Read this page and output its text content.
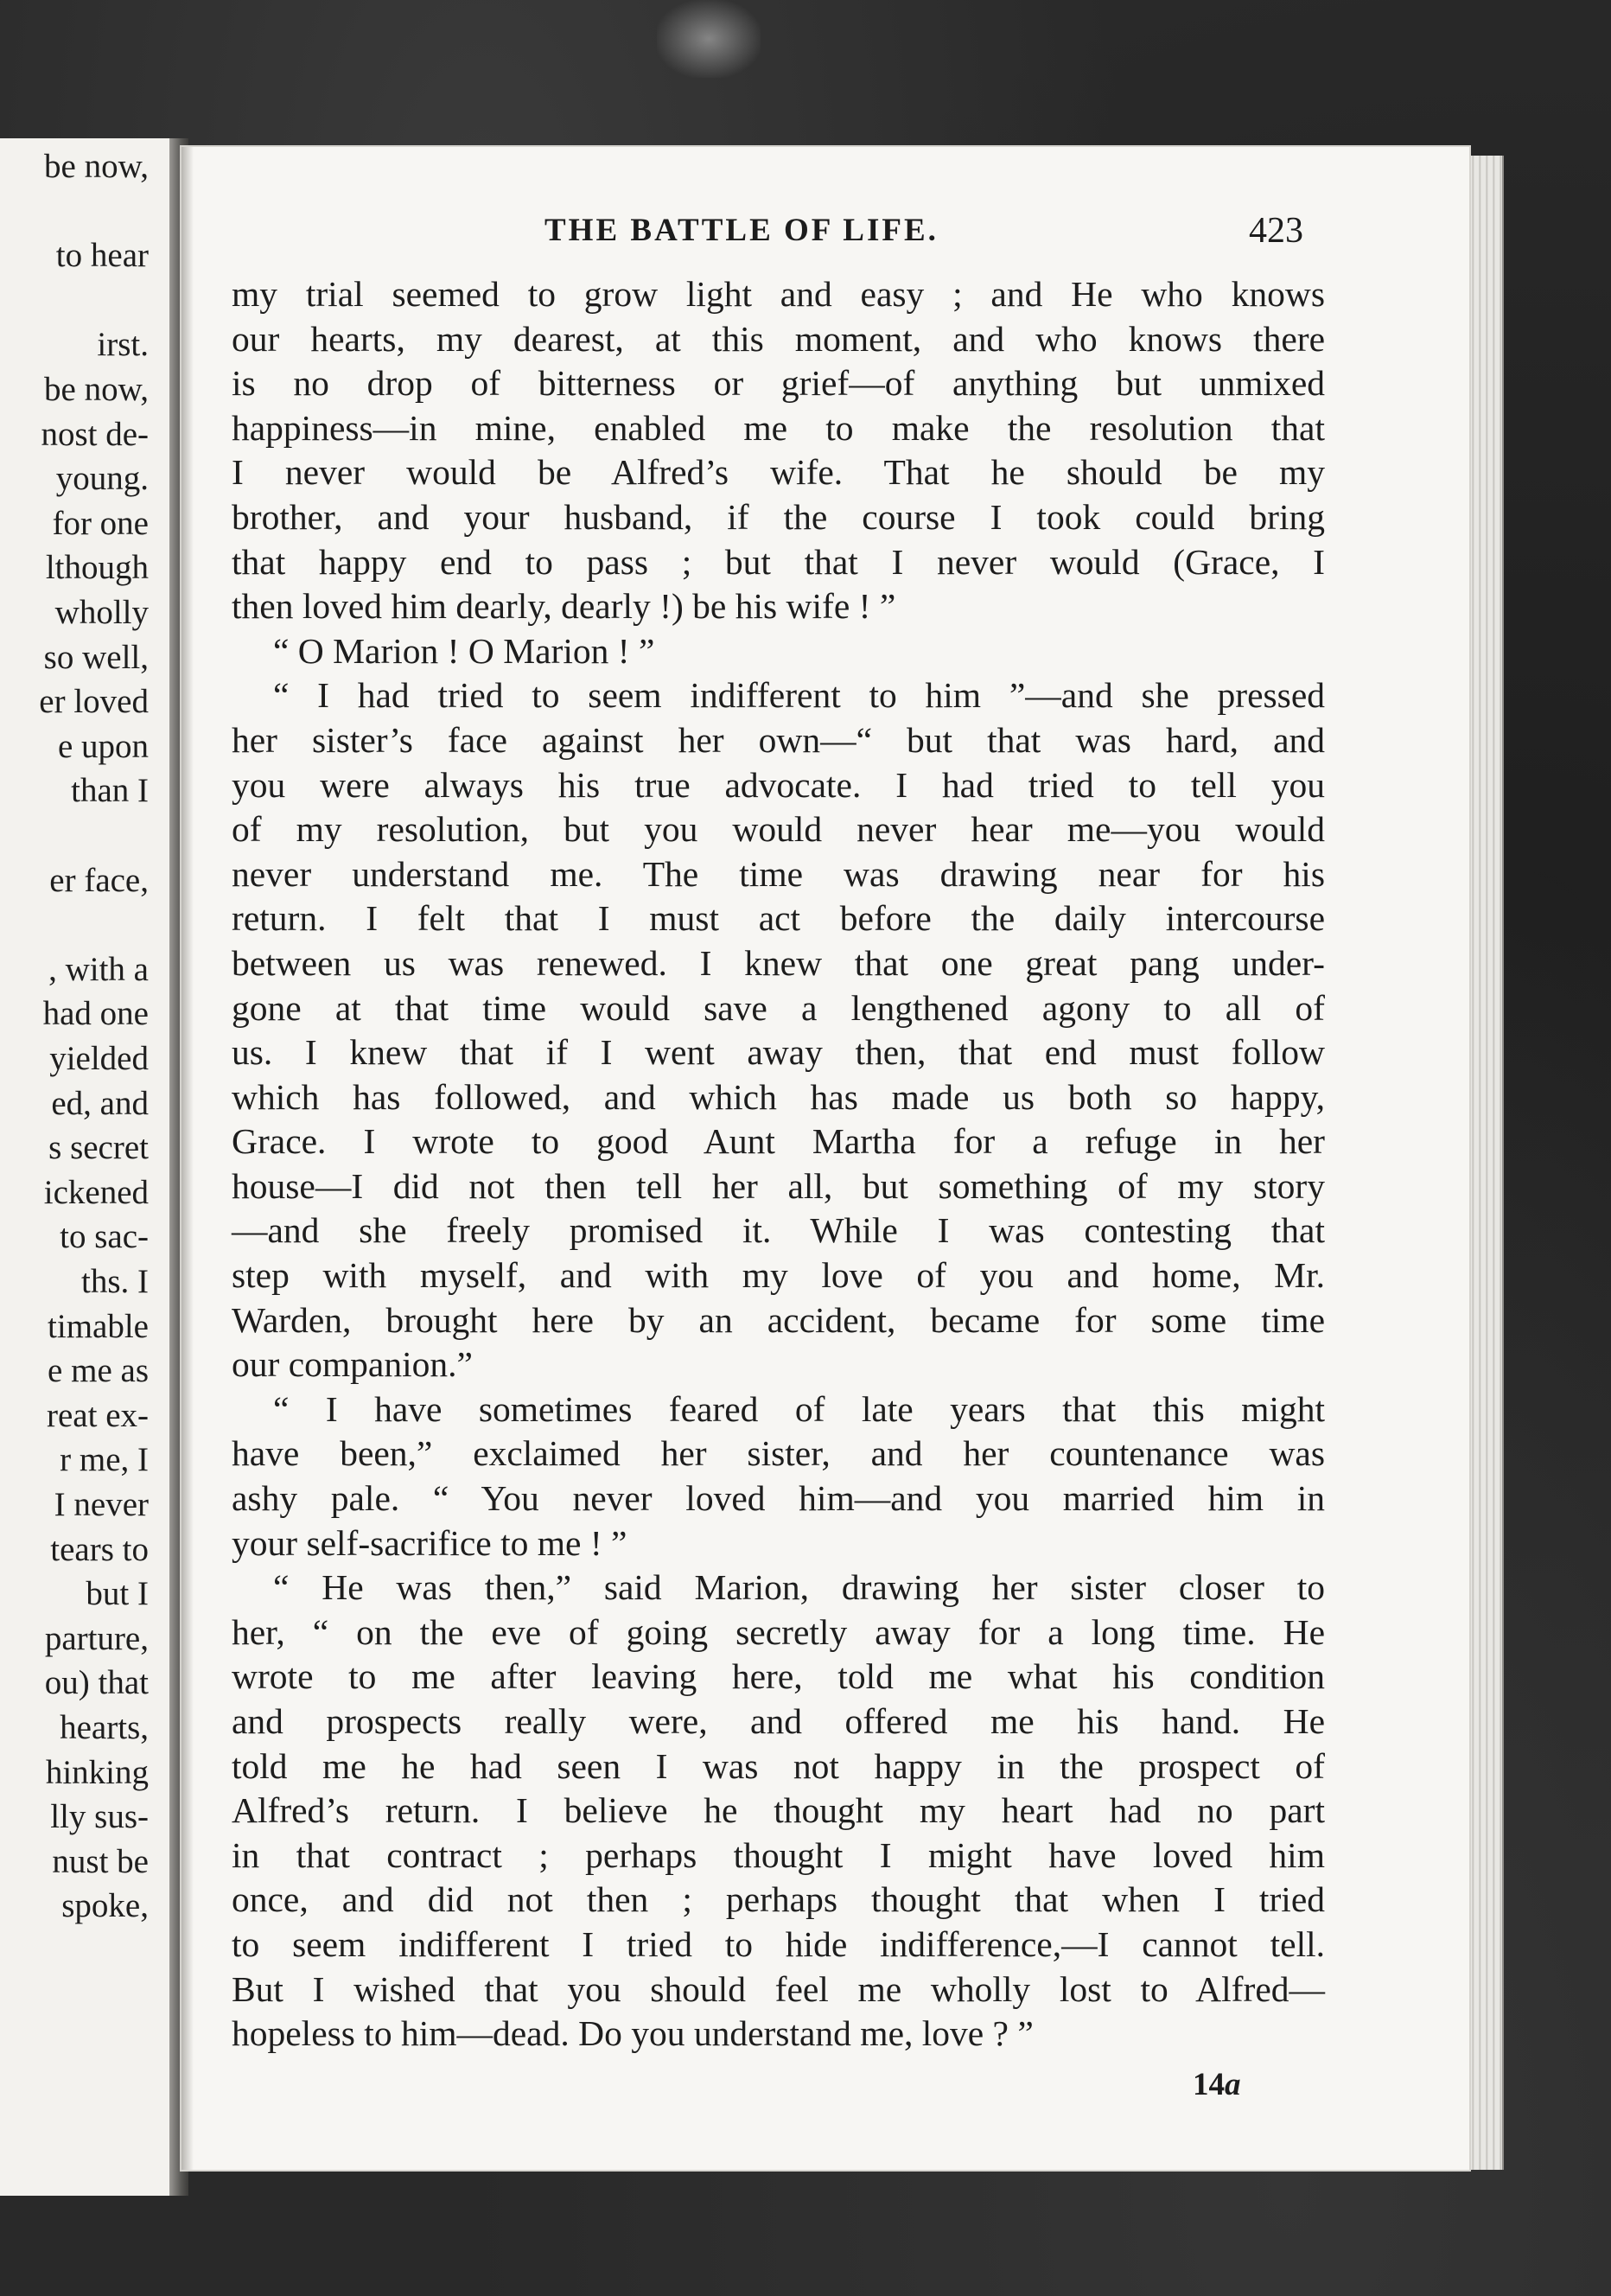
be now,
to hear
irst.
be now,
nost de-
young.
for one
lthough
wholly
so well,
er loved
e upon
than I
er face,
, with a
had one
yielded
ed, and
s secret
ickened
to sac-
ths. I
timable
e me as
reat ex-
r me, I
I never
tears to
but I
parture,
ou) that
hearts,
hinking
lly sus-
nust be
spoke,
THE BATTLE OF LIFE.	423
my trial seemed to grow light and easy ; and He who knows
our hearts, my dearest, at this moment, and who knows there
is no drop of bitterness or grief—of anything but unmixed
happiness—in mine, enabled me to make the resolution that
I never would be Alfred’s wife. That he should be my
brother, and your husband, if the course I took could bring
that happy end to pass ; but that I never would (Grace, I
then loved him dearly, dearly !) be his wife ! ”
“ O Marion ! O Marion ! ”
“ I had tried to seem indifferent to him ”—and she pressed
her sister’s face against her own—“ but that was hard, and
you were always his true advocate. I had tried to tell you
of my resolution, but you would never hear me—you would
never understand me. The time was drawing near for his
return. I felt that I must act before the daily intercourse
between us was renewed. I knew that one great pang under-
gone at that time would save a lengthened agony to all of
us. I knew that if I went away then, that end must follow
which has followed, and which has made us both so happy,
Grace. I wrote to good Aunt Martha for a refuge in her
house—I did not then tell her all, but something of my story
—and she freely promised it. While I was contesting that
step with myself, and with my love of you and home, Mr.
Warden, brought here by an accident, became for some time
our companion.”
“ I have sometimes feared of late years that this might
have been,” exclaimed her sister, and her countenance was
ashy pale. “ You never loved him—and you married him in
your self-sacrifice to me ! ”
“ He was then,” said Marion, drawing her sister closer to
her, “ on the eve of going secretly away for a long time. He
wrote to me after leaving here, told me what his condition
and prospects really were, and offered me his hand. He
told me he had seen I was not happy in the prospect of
Alfred’s return. I believe he thought my heart had no part
in that contract ; perhaps thought I might have loved him
once, and did not then ; perhaps thought that when I tried
to seem indifferent I tried to hide indifference,—I cannot tell.
But I wished that you should feel me wholly lost to Alfred—
hopeless to him—dead. Do you understand me, love ? ”
14a
